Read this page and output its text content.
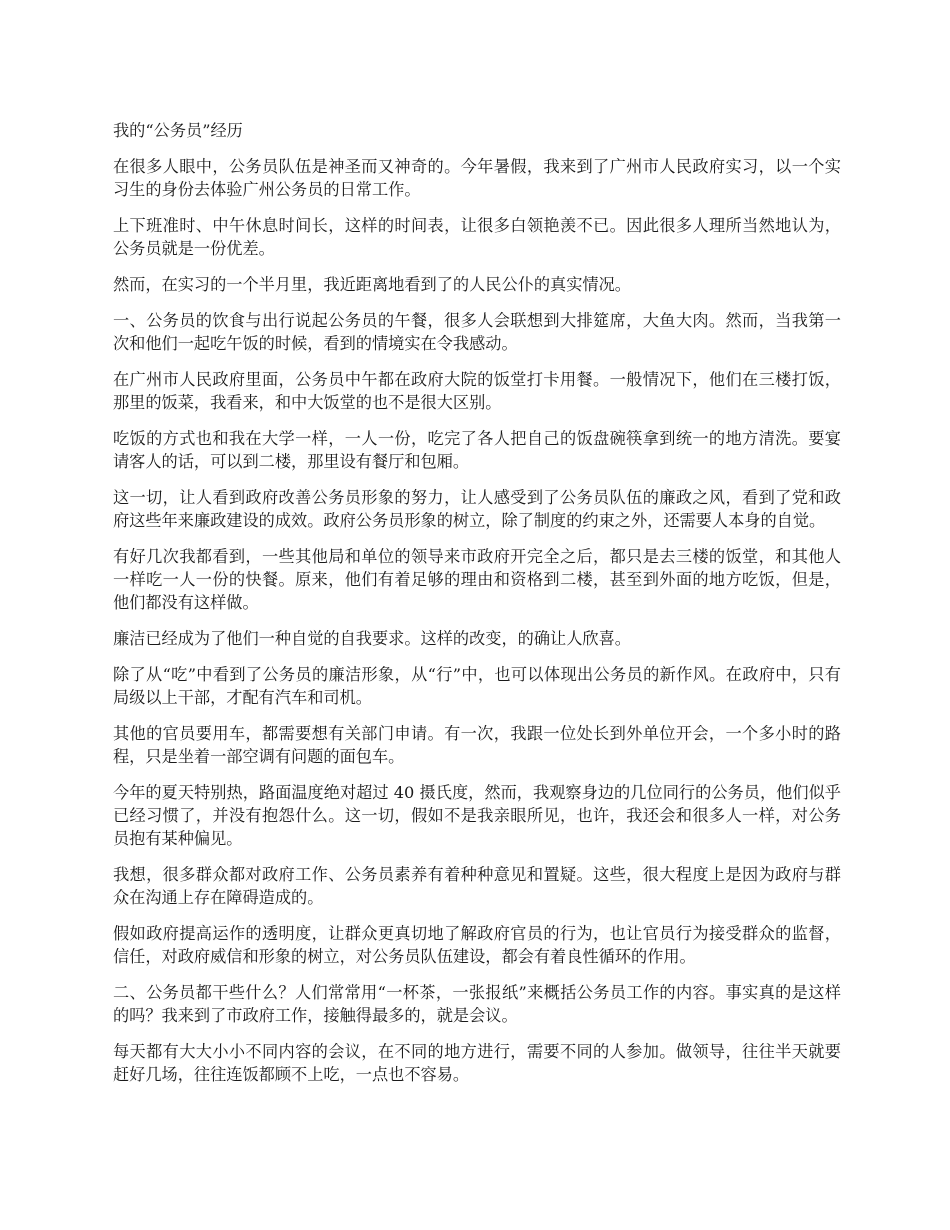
我的“公务员”经历

在很多人眼中，公务员队伍是神圣而又神奇的。今年暑假，我来到了广州市人民政府实习，以一个实习生的身份去体验广州公务员的日常工作。

上下班准时、中午休息时间长，这样的时间表，让很多白领艳羡不已。因此很多人理所当然地认为，公务员就是一份优差。

然而，在实习的一个半月里，我近距离地看到了的人民公仆的真实情况。

一、公务员的饮食与出行说起公务员的午餐，很多人会联想到大排筵席，大鱼大肉。然而，当我第一次和他们一起吃午饭的时候，看到的情境实在令我感动。

在广州市人民政府里面，公务员中午都在政府大院的饭堂打卡用餐。一般情况下，他们在三楼打饭，那里的饭菜，我看来，和中大饭堂的也不是很大区别。

吃饭的方式也和我在大学一样，一人一份，吃完了各人把自己的饭盘碗筷拿到统一的地方清洗。要宴请客人的话，可以到二楼，那里设有餐厅和包厢。

这一切，让人看到政府改善公务员形象的努力，让人感受到了公务员队伍的廉政之风，看到了党和政府这些年来廉政建设的成效。政府公务员形象的树立，除了制度的约束之外，还需要人本身的自觉。

有好几次我都看到，一些其他局和单位的领导来市政府开完全之后，都只是去三楼的饭堂，和其他人一样吃一人一份的快餐。原来，他们有着足够的理由和资格到二楼，甚至到外面的地方吃饭，但是，他们都没有这样做。

廉洁已经成为了他们一种自觉的自我要求。这样的改变，的确让人欣喜。

除了从“吃”中看到了公务员的廉洁形象，从“行”中，也可以体现出公务员的新作风。在政府中，只有局级以上干部，才配有汽车和司机。

其他的官员要用车，都需要想有关部门申请。有一次，我跟一位处长到外单位开会，一个多小时的路程，只是坐着一部空调有问题的面包车。

今年的夏天特别热，路面温度绝对超过 40 摄氏度，然而，我观察身边的几位同行的公务员，他们似乎已经习惯了，并没有抱怨什么。这一切，假如不是我亲眼所见，也许，我还会和很多人一样，对公务员抱有某种偏见。

我想，很多群众都对政府工作、公务员素养有着种种意见和置疑。这些，很大程度上是因为政府与群众在沟通上存在障碍造成的。

假如政府提高运作的透明度，让群众更真切地了解政府官员的行为，也让官员行为接受群众的监督，信任，对政府威信和形象的树立，对公务员队伍建设，都会有着良性循环的作用。

二、公务员都干些什么？人们常常用“一杯茶，一张报纸”来概括公务员工作的内容。事实真的是这样的吗？我来到了市政府工作，接触得最多的，就是会议。

每天都有大大小小不同内容的会议，在不同的地方进行，需要不同的人参加。做领导，往往半天就要赶好几场，往往连饭都顾不上吃，一点也不容易。
